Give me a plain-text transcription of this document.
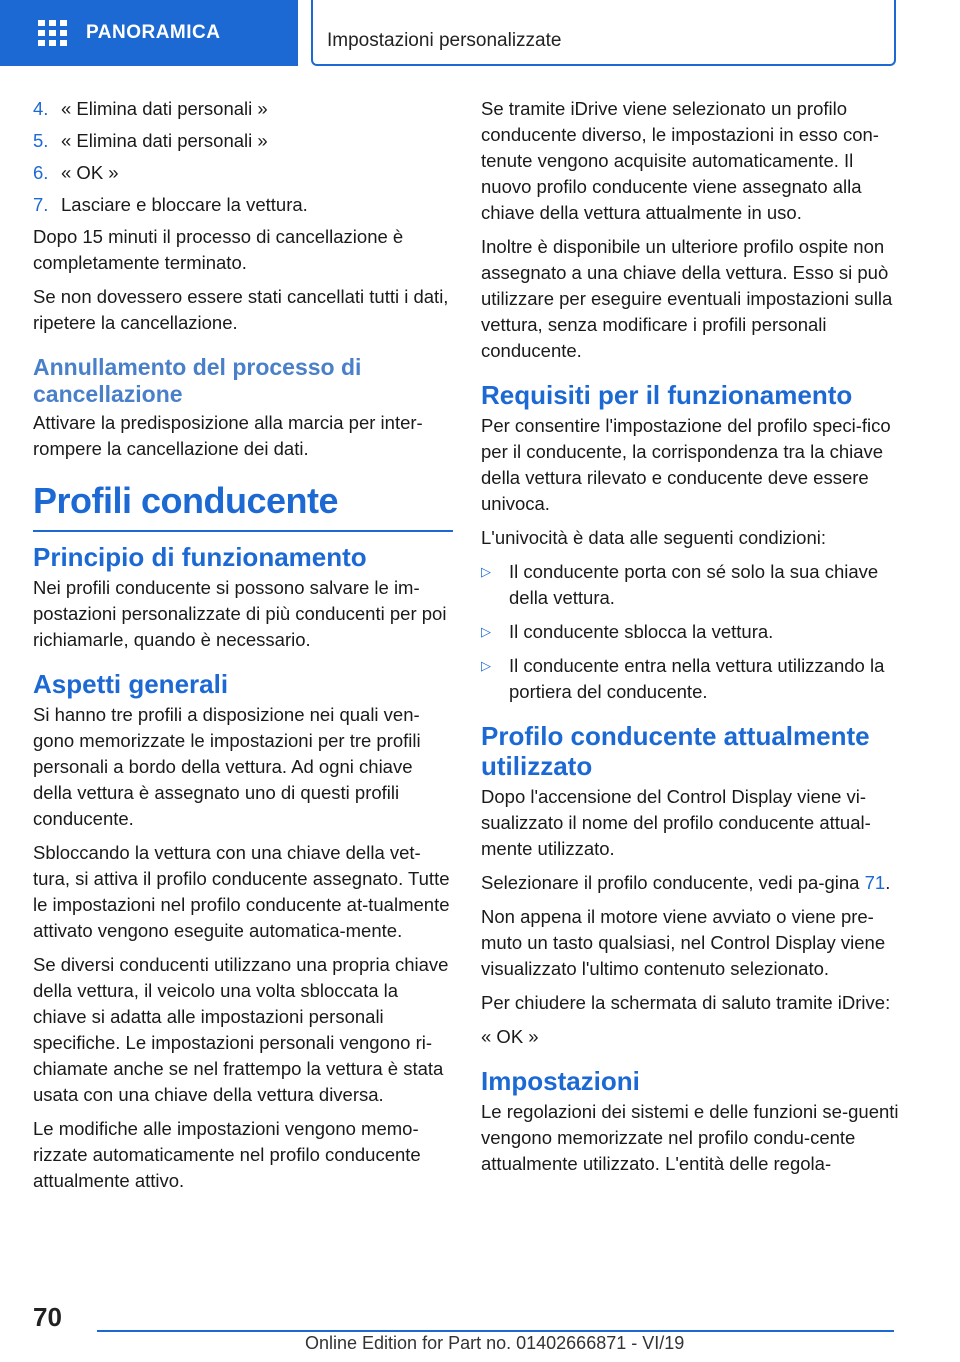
PANORAMICA	Impostazioni personalizzate
4. « Elimina dati personali »
5. « Elimina dati personali »
6. « OK »
7. Lasciare e bloccare la vettura.

Dopo 15 minuti il processo di cancellazione è completamente terminato.

Se non dovessero essere stati cancellati tutti i dati, ripetere la cancellazione.

Annullamento del processo di cancellazione

Attivare la predisposizione alla marcia per inter-rompere la cancellazione dei dati.

Profili conducente
Principio di funzionamento

Nei profili conducente si possono salvare le im-postazioni personalizzate di più conducenti per poi richiamarle, quando è necessario.

Aspetti generali

Si hanno tre profili a disposizione nei quali ven-gono memorizzate le impostazioni per tre profili personali a bordo della vettura. Ad ogni chiave della vettura è assegnato uno di questi profili conducente.

Sbloccando la vettura con una chiave della vet-tura, si attiva il profilo conducente assegnato. Tutte le impostazioni nel profilo conducente at-tualmente attivato vengono eseguite automatica-mente.

Se diversi conducenti utilizzano una propria chiave della vettura, il veicolo una volta sbloccata la chiave si adatta alle impostazioni personali specifiche. Le impostazioni personali vengono ri-chiamate anche se nel frattempo la vettura è stata usata con una chiave della vettura diversa.

Le modifiche alle impostazioni vengono memo-rizzate automaticamente nel profilo conducente attualmente attivo.

Se tramite iDrive viene selezionato un profilo conducente diverso, le impostazioni in esso con-tenute vengono acquisite automaticamente. Il nuovo profilo conducente viene assegnato alla chiave della vettura attualmente in uso.

Inoltre è disponibile un ulteriore profilo ospite non assegnato a una chiave della vettura. Esso si può utilizzare per eseguire eventuali impostazioni sulla vettura, senza modificare i profili personali conducente.

Requisiti per il funzionamento

Per consentire l'impostazione del profilo speci-fico per il conducente, la corrispondenza tra la chiave della vettura rilevato e conducente deve essere univoca.

L'univocità è data alle seguenti condizioni:

▷ Il conducente porta con sé solo la sua chiave della vettura.
▷ Il conducente sblocca la vettura.
▷ Il conducente entra nella vettura utilizzando la portiera del conducente.
Profilo conducente attualmente utilizzato

Dopo l'accensione del Control Display viene vi-sualizzato il nome del profilo conducente attual-mente utilizzato.

Selezionare il profilo conducente, vedi pa-gina 71.

Non appena il motore viene avviato o viene pre-muto un tasto qualsiasi, nel Control Display viene visualizzato l'ultimo contenuto selezionato.

Per chiudere la schermata di saluto tramite iDrive:

« OK »

Impostazioni

Le regolazioni dei sistemi e delle funzioni se-guenti vengono memorizzate nel profilo condu-cente attualmente utilizzato. L'entità delle regola-

70
Online Edition for Part no. 01402666871 - VI/19
